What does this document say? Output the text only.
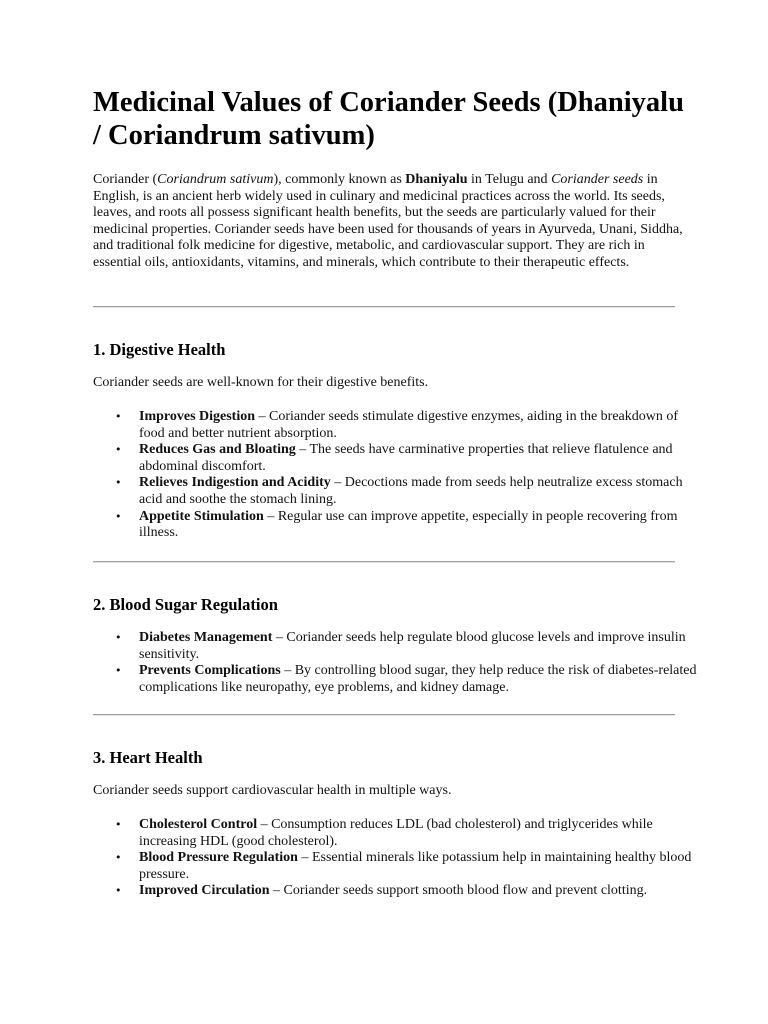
Medicinal Values of Coriander Seeds (Dhaniyalu / Coriandrum sativum)

Coriander (Coriandrum sativum), commonly known as Dhaniyalu in Telugu and Coriander seeds in English, is an ancient herb widely used in culinary and medicinal practices across the world. Its seeds, leaves, and roots all possess significant health benefits, but the seeds are particularly valued for their medicinal properties. Coriander seeds have been used for thousands of years in Ayurveda, Unani, Siddha, and traditional folk medicine for digestive, metabolic, and cardiovascular support. They are rich in essential oils, antioxidants, vitamins, and minerals, which contribute to their therapeutic effects.

1. Digestive Health

Coriander seeds are well-known for their digestive benefits.

• Improves Digestion – Coriander seeds stimulate digestive enzymes, aiding in the breakdown of food and better nutrient absorption.
• Reduces Gas and Bloating – The seeds have carminative properties that relieve flatulence and abdominal discomfort.
• Relieves Indigestion and Acidity – Decoctions made from seeds help neutralize excess stomach acid and soothe the stomach lining.
• Appetite Stimulation – Regular use can improve appetite, especially in people recovering from illness.
2. Blood Sugar Regulation
• Diabetes Management – Coriander seeds help regulate blood glucose levels and improve insulin sensitivity.
• Prevents Complications – By controlling blood sugar, they help reduce the risk of diabetes-related complications like neuropathy, eye problems, and kidney damage.
3. Heart Health

Coriander seeds support cardiovascular health in multiple ways.

• Cholesterol Control – Consumption reduces LDL (bad cholesterol) and triglycerides while increasing HDL (good cholesterol).
• Blood Pressure Regulation – Essential minerals like potassium help in maintaining healthy blood pressure.
• Improved Circulation – Coriander seeds support smooth blood flow and prevent clotting.
